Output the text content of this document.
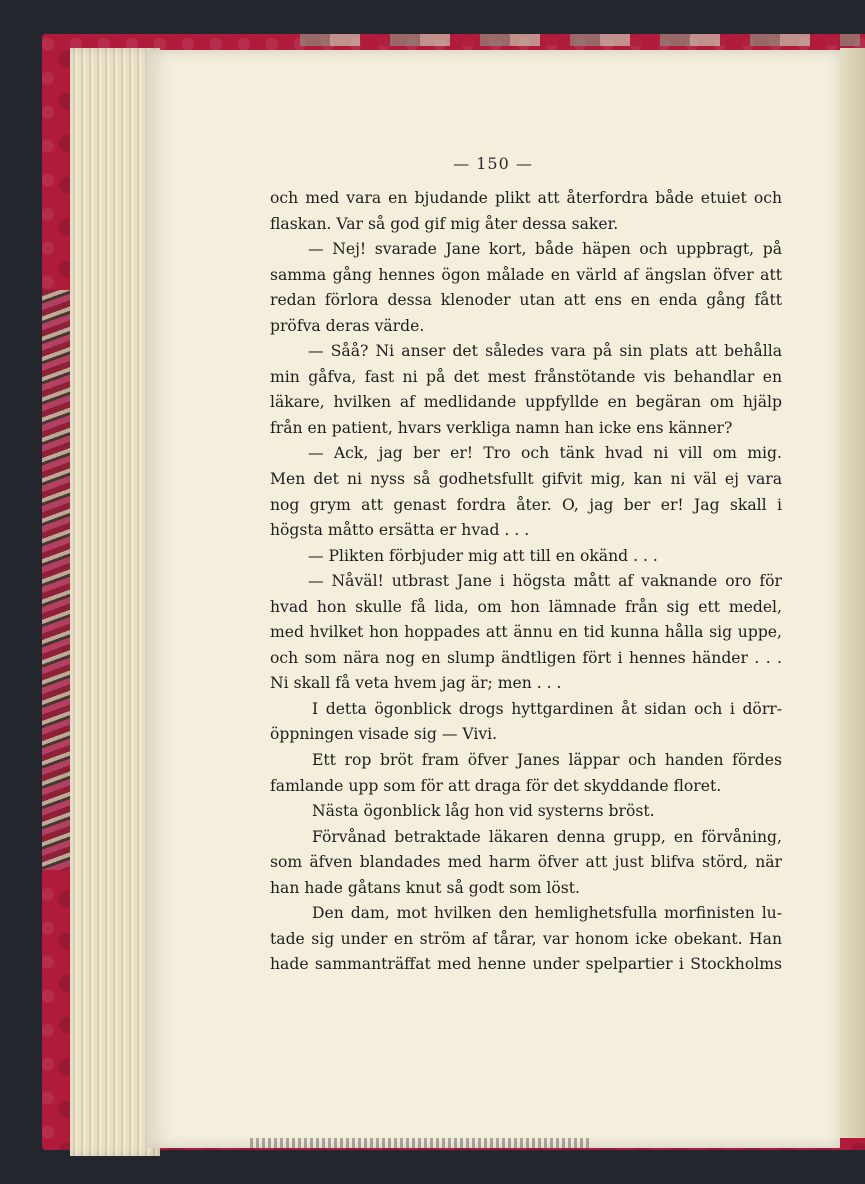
— 150 —
och med vara en bjudande plikt att återfordra både etuiet och
flaskan. Var så god gif mig åter dessa saker.
— Nej! svarade Jane kort, både häpen och uppbragt, på
samma gång hennes ögon målade en värld af ängslan öfver att
redan förlora dessa klenoder utan att ens en enda gång fått
pröfva deras värde.
— Såå? Ni anser det således vara på sin plats att behålla
min gåfva, fast ni på det mest frånstötande vis behandlar en
läkare, hvilken af medlidande uppfyllde en begäran om hjälp
från en patient, hvars verkliga namn han icke ens känner?
— Ack, jag ber er! Tro och tänk hvad ni vill om mig.
Men det ni nyss så godhetsfullt gifvit mig, kan ni väl ej vara
nog grym att genast fordra åter. O, jag ber er! Jag skall i
högsta måtto ersätta er hvad . . .
— Plikten förbjuder mig att till en okänd . . .
— Nåväl! utbrast Jane i högsta mått af vaknande oro för
hvad hon skulle få lida, om hon lämnade från sig ett medel,
med hvilket hon hoppades att ännu en tid kunna hålla sig uppe,
och som nära nog en slump ändtligen fört i hennes händer . . .
Ni skall få veta hvem jag är; men . . .
I detta ögonblick drogs hyttgardinen åt sidan och i dörr-
öppningen visade sig — Vivi.
Ett rop bröt fram öfver Janes läppar och handen fördes
famlande upp som för att draga för det skyddande floret.
Nästa ögonblick låg hon vid systerns bröst.
Förvånad betraktade läkaren denna grupp, en förvåning,
som äfven blandades med harm öfver att just blifva störd, när
han hade gåtans knut så godt som löst.
Den dam, mot hvilken den hemlighetsfulla morfinisten lu-
tade sig under en ström af tårar, var honom icke obekant. Han
hade sammanträffat med henne under spelpartier i Stockholms
